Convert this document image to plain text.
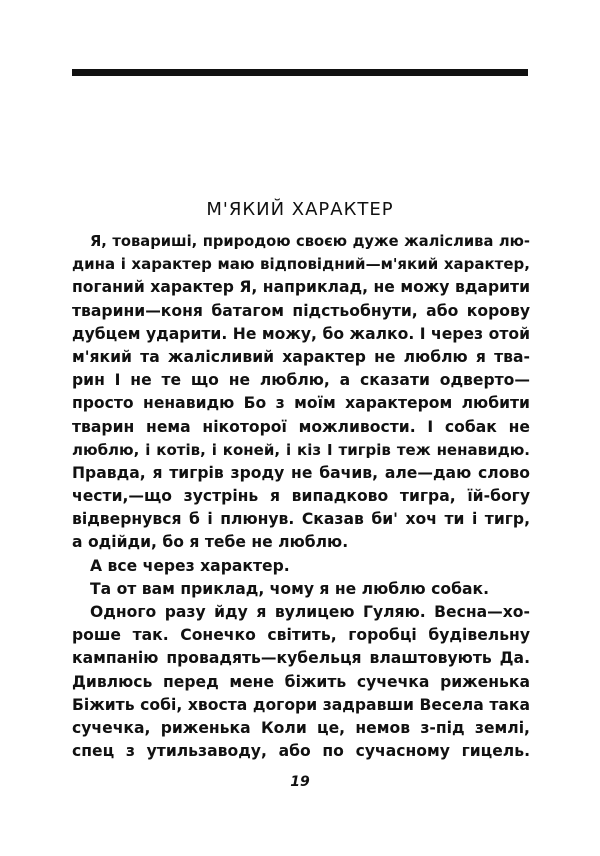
М'ЯКИЙ ХАРАКТЕР
Я, товариші, природою своєю дуже жаліслива лю-
дина і характер маю відповідний—м'який характер,
поганий характер Я, наприклад, не можу вдарити
тварини—коня батагом підстьобнути, або корову
дубцем ударити. Не можу, бо жалко. І через отой
м'який та жалісливий характер не люблю я тва-
рин І не те що не люблю, а сказати одверто—
просто ненавидю Бо з моїм характером любити
тварин нема нікоторої можливости. І собак не
люблю, і котів, і коней, і кіз І тигрів теж ненавидю.
Правда, я тигрів зроду не бачив, але—даю слово
чести,—що зустрінь я випадково тигра, їй-богу
відвернувся б і плюнув. Сказав би' хоч ти і тигр,
а одійди, бо я тебе не люблю.
А все через характер.
Та от вам приклад, чому я не люблю собак.
Одного разу йду я вулицею Гуляю. Весна—хо-
роше так. Сонечко світить, горобці будівельну
кампанію провадять—кубельця влаштовують Да.
Дивлюсь перед мене біжить сучечка риженька
Біжить собі, хвоста догори задравши Весела така
сучечка, риженька Коли це, немов з-під землі,
спец з утильзаводу, або по сучасному гицель.
19
